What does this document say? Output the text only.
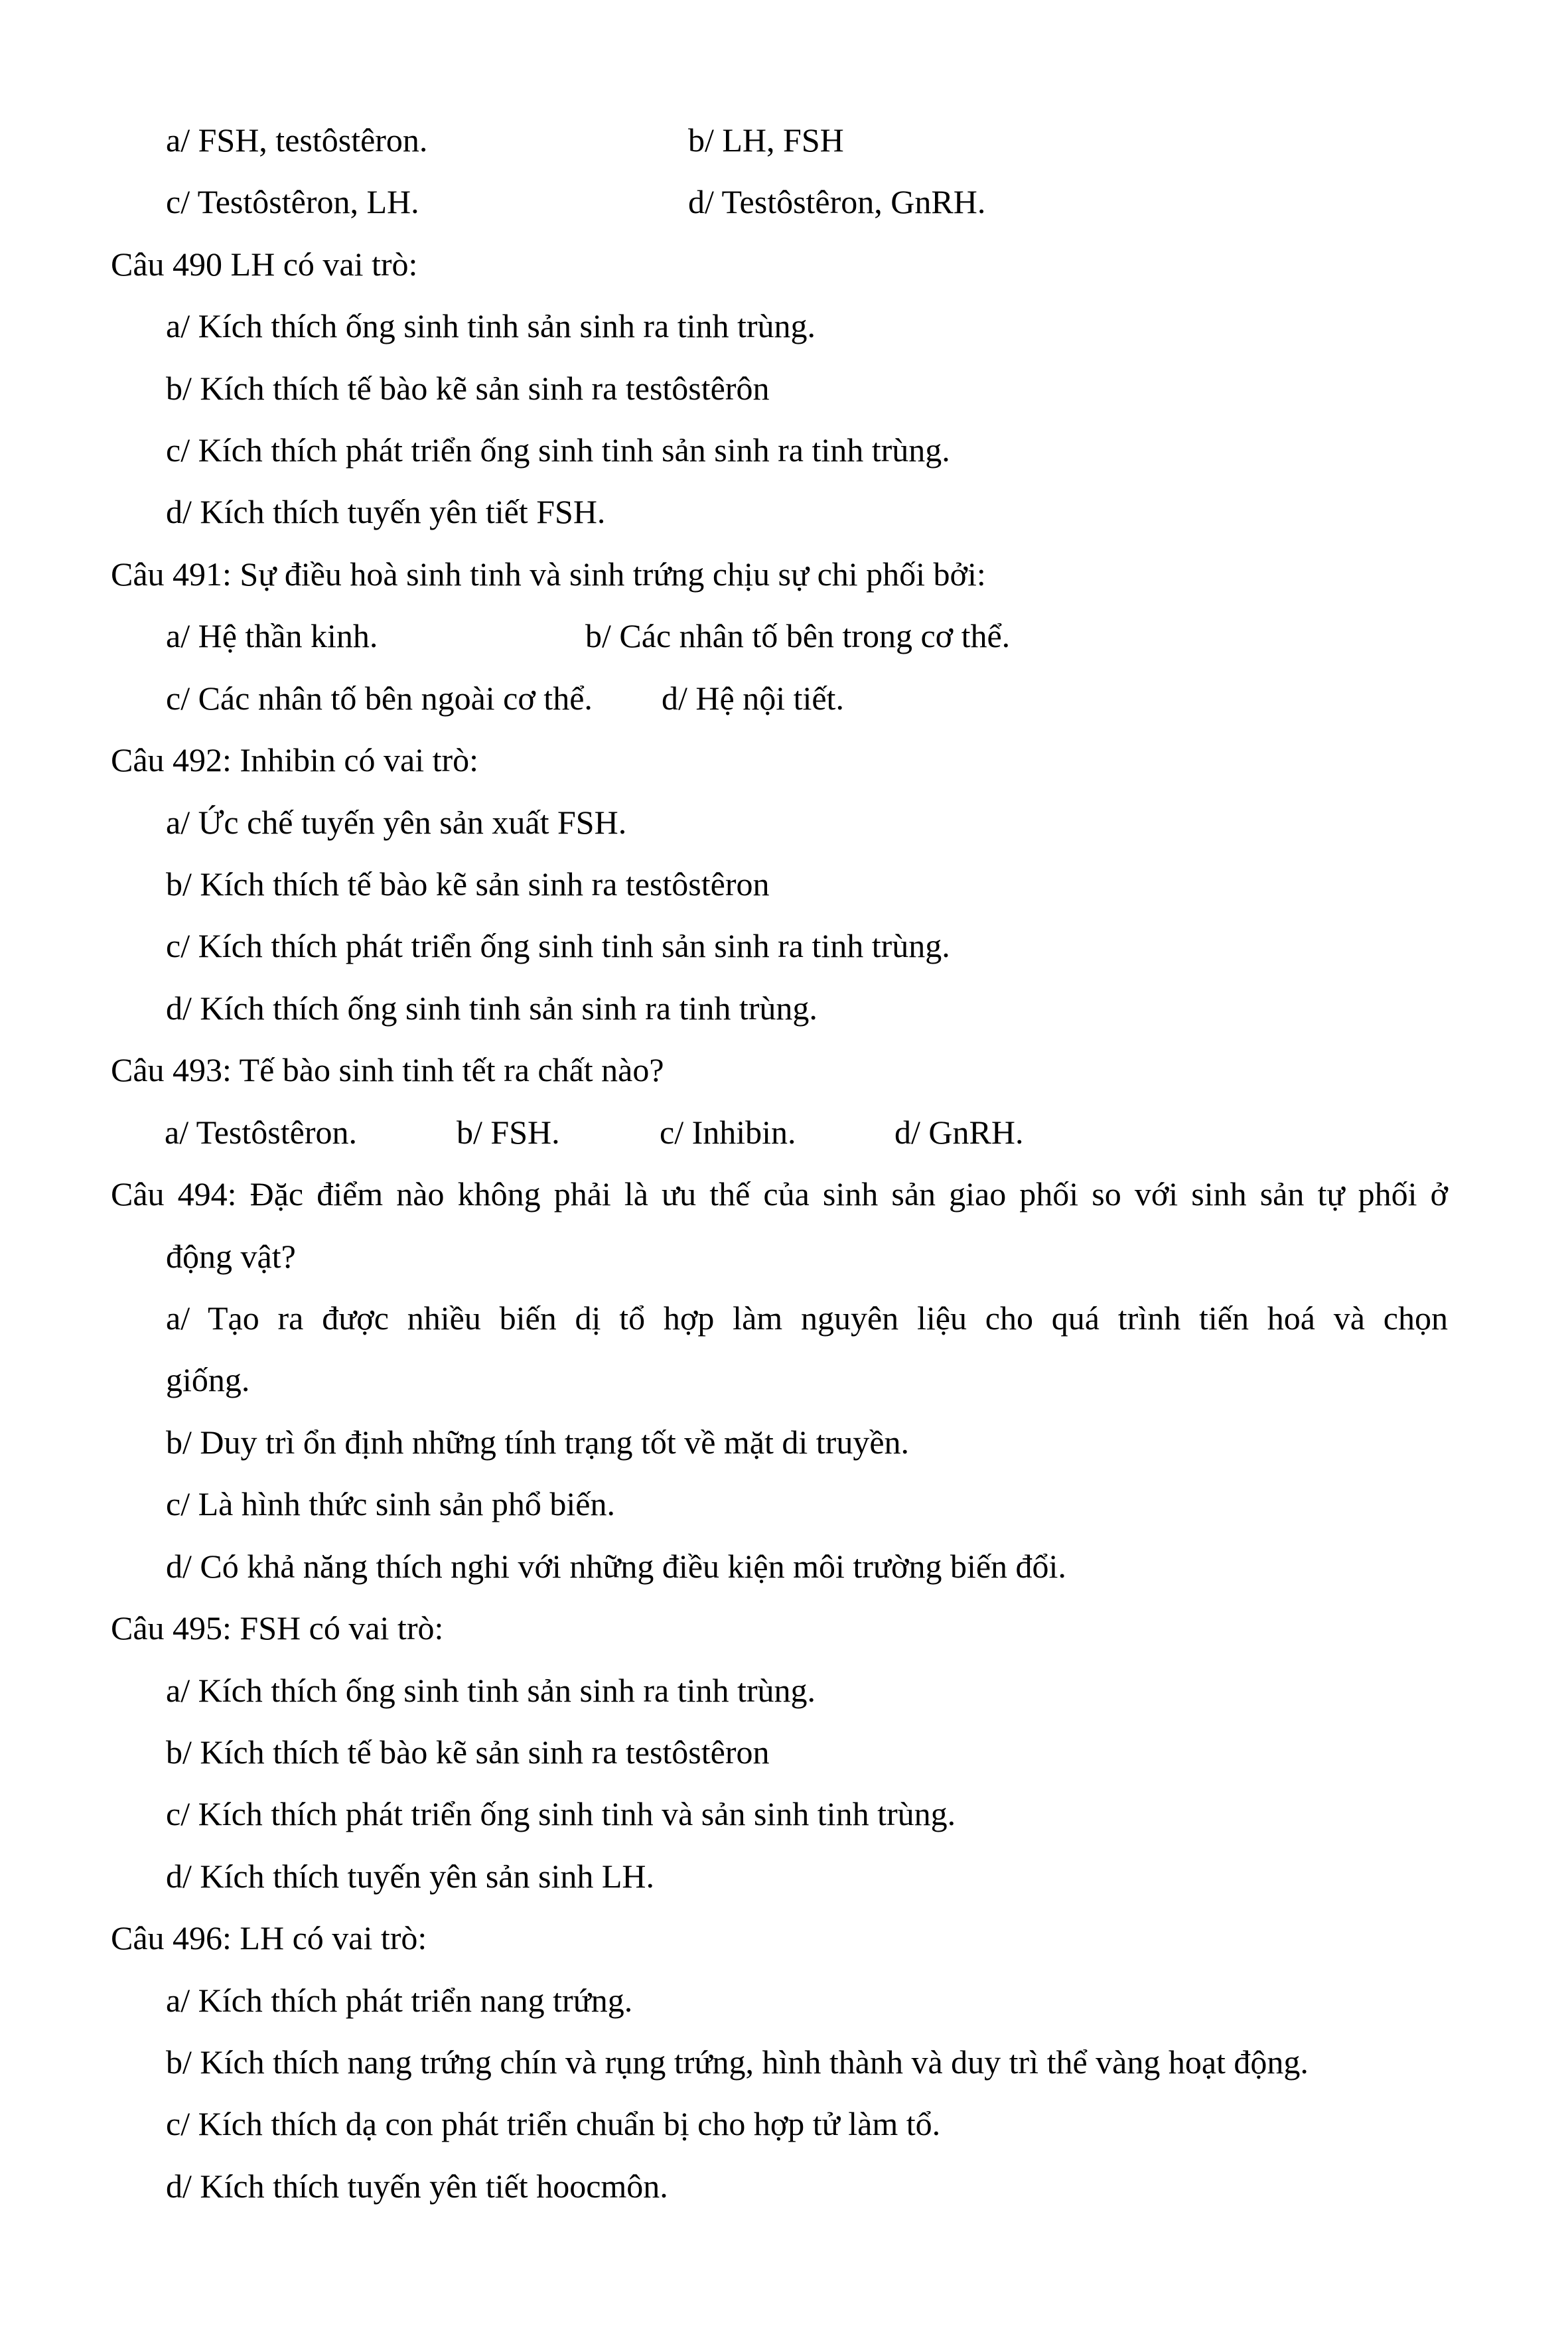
a/ FSH, testôstêron.	b/ LH, FSH
c/ Testôstêron, LH.	d/ Testôstêron, GnRH.
Câu 490 LH có vai trò:
a/ Kích thích ống sinh tinh sản sinh ra tinh trùng.
b/ Kích thích tế bào kẽ sản sinh ra testôstêrôn
c/ Kích thích phát triển ống sinh tinh sản sinh ra tinh trùng.
d/ Kích thích tuyến yên tiết FSH.
Câu 491: Sự điều hoà sinh tinh và sinh trứng chịu sự chi phối bởi:
a/ Hệ thần kinh.	b/ Các nhân tố bên trong cơ thể.
c/ Các nhân tố bên ngoài cơ thể. d/ Hệ nội tiết.
Câu 492: Inhibin có vai trò:
a/ Ức chế tuyến yên sản xuất FSH.
b/ Kích thích tế bào kẽ sản sinh ra testôstêron
c/ Kích thích phát triển ống sinh tinh sản sinh ra tinh trùng.
d/ Kích thích ống sinh tinh sản sinh ra tinh trùng.
Câu 493: Tế bào sinh tinh tết ra chất nào?
a/ Testôstêron.	b/ FSH.	c/ Inhibin.	d/ GnRH.
Câu 494: Đặc điểm nào không phải là ưu thế của sinh sản giao phối so với sinh sản tự phối ở
động vật?
a/ Tạo ra được nhiều biến dị tổ hợp làm nguyên liệu cho quá trình tiến hoá và chọn
giống.
b/ Duy trì ổn định những tính trạng tốt về mặt di truyền.
c/ Là hình thức sinh sản phổ biến.
d/ Có khả năng thích nghi với những điều kiện môi trường biến đổi.
Câu 495: FSH có vai trò:
a/ Kích thích ống sinh tinh sản sinh ra tinh trùng.
b/ Kích thích tế bào kẽ sản sinh ra testôstêron
c/ Kích thích phát triển ống sinh tinh và sản sinh tinh trùng.
d/ Kích thích tuyến yên sản sinh LH.
Câu 496: LH có vai trò:
a/ Kích thích phát triển nang trứng.
b/ Kích thích nang trứng chín và rụng trứng, hình thành và duy trì thể vàng hoạt động.
c/ Kích thích dạ con phát triển chuẩn bị cho hợp tử làm tổ.
d/ Kích thích tuyến yên tiết hoocmôn.
